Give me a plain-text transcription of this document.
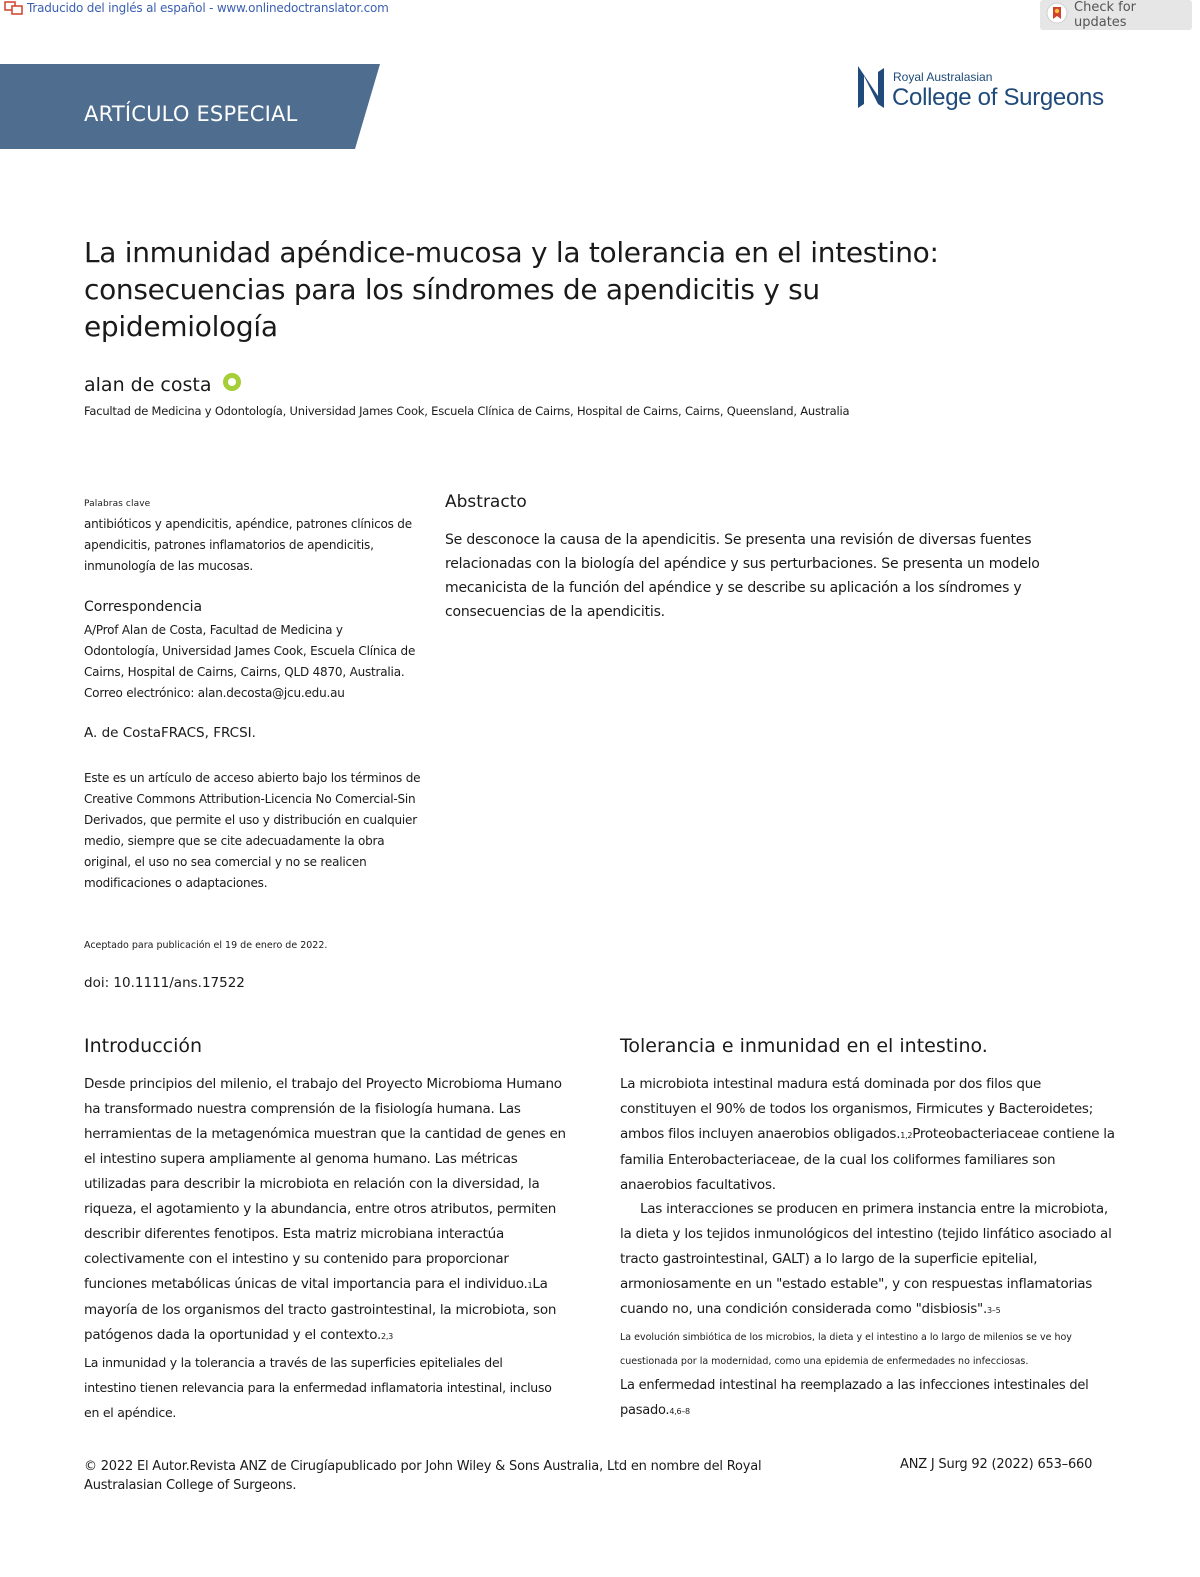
Traducido del inglés al español - www.onlinedoctranslator.com	Check for updates
ARTÍCULO ESPECIAL
Royal Australasian
College of Surgeons
La inmunidad apéndice-mucosa y la tolerancia en el intestino:
consecuencias para los síndromes de apendicitis y su
epidemiología
alan de costa
Facultad de Medicina y Odontología, Universidad James Cook, Escuela Clínica de Cairns, Hospital de Cairns, Cairns, Queensland, Australia
Palabras clave
antibióticos y apendicitis, apéndice, patrones clínicos de apendicitis, patrones inflamatorios de apendicitis, inmunología de las mucosas.
Correspondencia
A/Prof Alan de Costa, Facultad de Medicina y
Odontología, Universidad James Cook, Escuela Clínica de
Cairns, Hospital de Cairns, Cairns, QLD 4870, Australia.
Correo electrónico: alan.decosta@jcu.edu.au
A. de CostaFRACS, FRCSI.
Este es un artículo de acceso abierto bajo los términos de Creative Commons Attribution-Licencia No Comercial-Sin Derivados, que permite el uso y distribución en cualquier medio, siempre que se cite adecuadamente la obra original, el uso no sea comercial y no se realicen modificaciones o adaptaciones.
Aceptado para publicación el 19 de enero de 2022.
doi: 10.1111/ans.17522
Abstracto
Se desconoce la causa de la apendicitis. Se presenta una revisión de diversas fuentes relacionadas con la biología del apéndice y sus perturbaciones. Se presenta un modelo mecanicista de la función del apéndice y se describe su aplicación a los síndromes y consecuencias de la apendicitis.
Introducción
Desde principios del milenio, el trabajo del Proyecto Microbioma Humano ha transformado nuestra comprensión de la fisiología humana. Las herramientas de la metagenómica muestran que la cantidad de genes en el intestino supera ampliamente al genoma humano. Las métricas utilizadas para describir la microbiota en relación con la diversidad, la riqueza, el agotamiento y la abundancia, entre otros atributos, permiten describir diferentes fenotipos. Esta matriz microbiana interactúa colectivamente con el intestino y su contenido para proporcionar funciones metabólicas únicas de vital importancia para el individuo.1La mayoría de los organismos del tracto gastrointestinal, la microbiota, son patógenos dada la oportunidad y el contexto.2,3
La inmunidad y la tolerancia a través de las superficies epiteliales del intestino tienen relevancia para la enfermedad inflamatoria intestinal, incluso en el apéndice.
Tolerancia e inmunidad en el intestino.
La microbiota intestinal madura está dominada por dos filos que constituyen el 90% de todos los organismos, Firmicutes y Bacteroidetes; ambos filos incluyen anaerobios obligados.1,2Proteobacteriaceae contiene la familia Enterobacteriaceae, de la cual los coliformes familiares son anaerobios facultativos.
Las interacciones se producen en primera instancia entre la microbiota, la dieta y los tejidos inmunológicos del intestino (tejido linfático asociado al tracto gastrointestinal, GALT) a lo largo de la superficie epitelial, armoniosamente en un "estado estable", y con respuestas inflamatorias cuando no, una condición considerada como "disbiosis".3–5
La evolución simbiótica de los microbios, la dieta y el intestino a lo largo de milenios se ve hoy cuestionada por la modernidad, como una epidemia de enfermedades no infecciosas.
La enfermedad intestinal ha reemplazado a las infecciones intestinales del pasado.4,6–8
© 2022 El Autor.Revista ANZ de Cirugíapublicado por John Wiley & Sons Australia, Ltd en nombre del Royal Australasian College of Surgeons.
ANZ J Surg 92 (2022) 653–660
